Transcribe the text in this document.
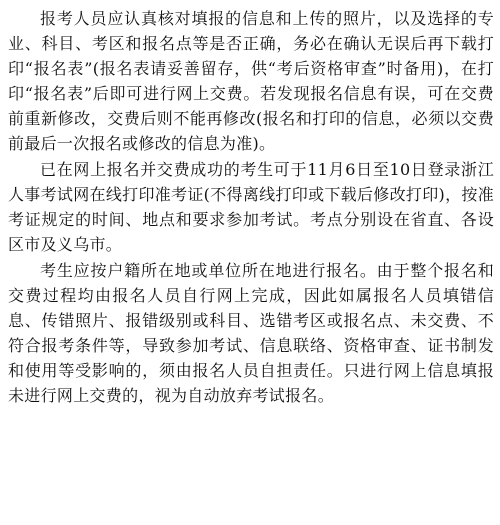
报考人员应认真核对填报的信息和上传的照片，以及选择的专业、科目、考区和报名点等是否正确，务必在确认无误后再下载打印“报名表”(报名表请妥善留存，供“考后资格审查”时备用)，在打印“报名表”后即可进行网上交费。若发现报名信息有误，可在交费前重新修改，交费后则不能再修改(报名和打印的信息，必须以交费前最后一次报名或修改的信息为准)。

已在网上报名并交费成功的考生可于11月6日至10日登录浙江人事考试网在线打印准考证(不得离线打印或下载后修改打印)，按准考证规定的时间、地点和要求参加考试。考点分别设在省直、各设区市及义乌市。

考生应按户籍所在地或单位所在地进行报名。由于整个报名和交费过程均由报名人员自行网上完成，因此如属报名人员填错信息、传错照片、报错级别或科目、选错考区或报名点、未交费、不符合报考条件等，导致参加考试、信息联络、资格审查、证书制发和使用等受影响的，须由报名人员自担责任。只进行网上信息填报未进行网上交费的，视为自动放弃考试报名。
